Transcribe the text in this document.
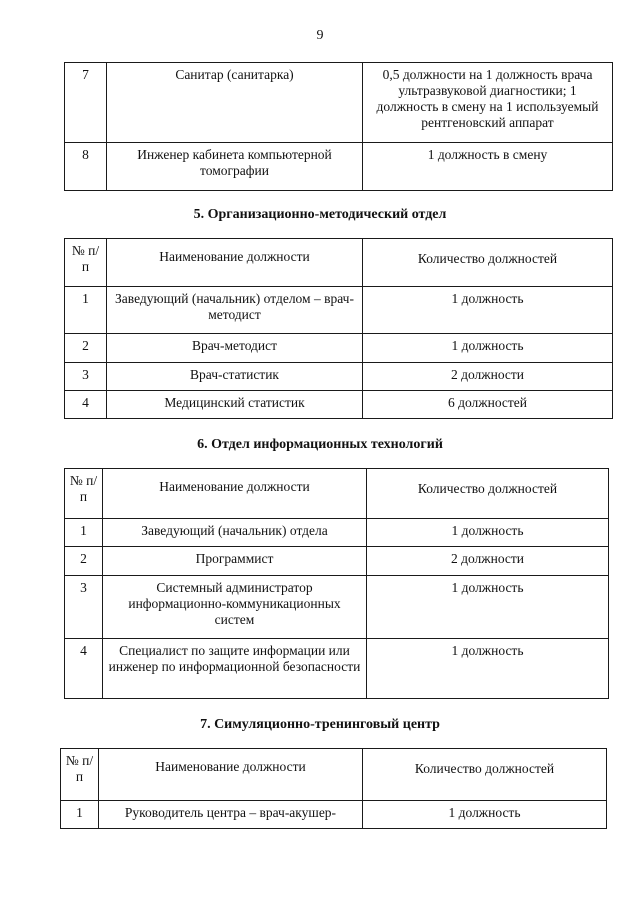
9
7	Санитар (санитарка)	0,5 должности на 1 должность врача ультразвуковой диагностики; 1 должность в смену на 1 используемый рентгеновский аппарат
8	Инженер кабинета компьютерной томографии	1 должность в смену
5. Организационно-методический отдел
№ п/п	Наименование должности	Количество должностей
1	Заведующий (начальник) отделом – врач-методист	1 должность
2	Врач-методист	1 должность
3	Врач-статистик	2 должности
4	Медицинский статистик	6 должностей
6. Отдел информационных технологий
№ п/п	Наименование должности	Количество должностей
1	Заведующий (начальник) отдела	1 должность
2	Программист	2 должности
3	Системный администратор информационно-коммуникационных систем	1 должность
4	Специалист по защите информации или инженер по информационной безопасности	1 должность
7. Симуляционно-тренинговый центр
№ п/п	Наименование должности	Количество должностей
1	Руководитель центра – врач-акушер-	1 должность
